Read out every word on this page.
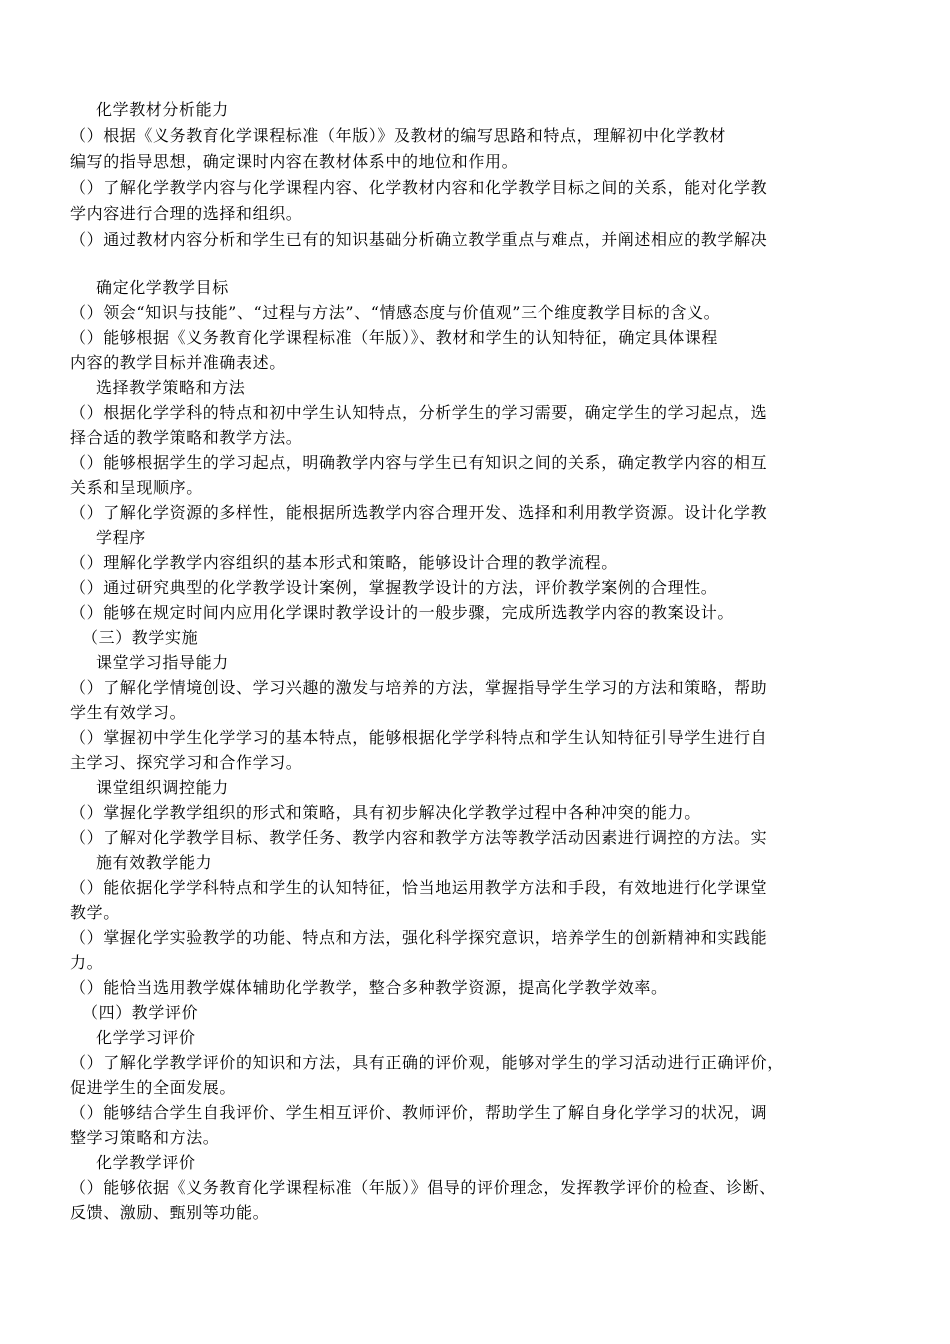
化学教材分析能力
（）根据《义务教育化学课程标准（年版）》及教材的编写思路和特点，理解初中化学教材
编写的指导思想，确定课时内容在教材体系中的地位和作用。
（）了解化学教学内容与化学课程内容、化学教材内容和化学教学目标之间的关系，能对化学教
学内容进行合理的选择和组织。
（）通过教材内容分析和学生已有的知识基础分析确立教学重点与难点，并阐述相应的教学解决
确定化学教学目标
（）领会“知识与技能”、“过程与方法”、“情感态度与价值观”三个维度教学目标的含义。
（）能够根据《义务教育化学课程标准（年版）》、教材和学生的认知特征，确定具体课程
内容的教学目标并准确表述。
选择教学策略和方法
（）根据化学学科的特点和初中学生认知特点，分析学生的学习需要，确定学生的学习起点，选
择合适的教学策略和教学方法。
（）能够根据学生的学习起点，明确教学内容与学生已有知识之间的关系，确定教学内容的相互
关系和呈现顺序。
（）了解化学资源的多样性，能根据所选教学内容合理开发、选择和利用教学资源。设计化学教
学程序
（）理解化学教学内容组织的基本形式和策略，能够设计合理的教学流程。
（）通过研究典型的化学教学设计案例，掌握教学设计的方法，评价教学案例的合理性。
（）能够在规定时间内应用化学课时教学设计的一般步骤，完成所选教学内容的教案设计。
（三）教学实施
课堂学习指导能力
（）了解化学情境创设、学习兴趣的激发与培养的方法，掌握指导学生学习的方法和策略，帮助
学生有效学习。
（）掌握初中学生化学学习的基本特点，能够根据化学学科特点和学生认知特征引导学生进行自
主学习、探究学习和合作学习。
课堂组织调控能力
（）掌握化学教学组织的形式和策略，具有初步解决化学教学过程中各种冲突的能力。
（）了解对化学教学目标、教学任务、教学内容和教学方法等教学活动因素进行调控的方法。实
施有效教学能力
（）能依据化学学科特点和学生的认知特征，恰当地运用教学方法和手段，有效地进行化学课堂
教学。
（）掌握化学实验教学的功能、特点和方法，强化科学探究意识，培养学生的创新精神和实践能
力。
（）能恰当选用教学媒体辅助化学教学，整合多种教学资源，提高化学教学效率。
（四）教学评价
化学学习评价
（）了解化学教学评价的知识和方法，具有正确的评价观，能够对学生的学习活动进行正确评价，
促进学生的全面发展。
（）能够结合学生自我评价、学生相互评价、教师评价，帮助学生了解自身化学学习的状况，调
整学习策略和方法。
化学教学评价
（）能够依据《义务教育化学课程标准（年版）》倡导的评价理念，发挥教学评价的检查、诊断、
反馈、激励、甄别等功能。
